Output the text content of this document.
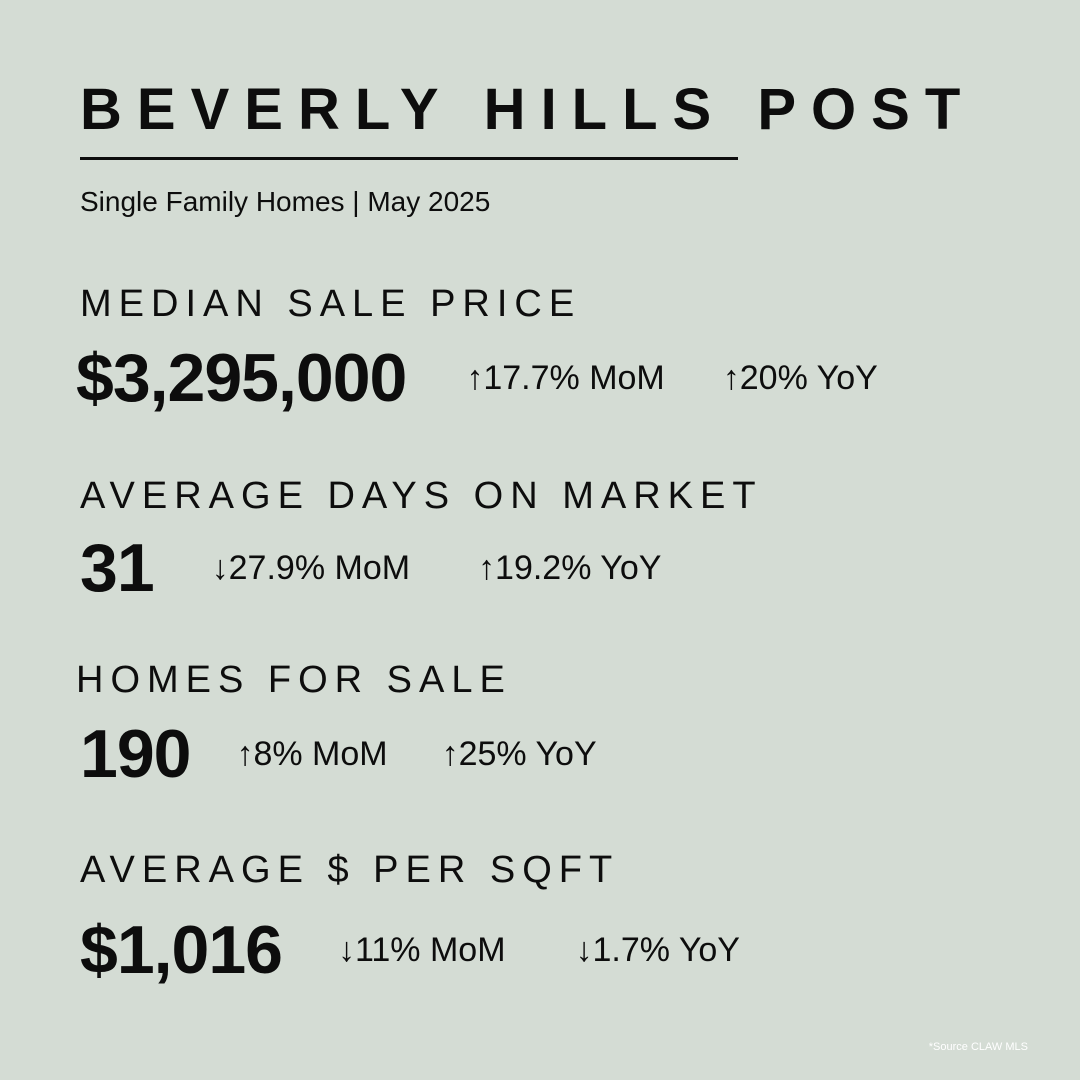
BEVERLY HILLS POST
Single Family Homes | May 2025
MEDIAN SALE PRICE
$3,295,000 ↑17.7% MoM ↑20% YoY
AVERAGE DAYS ON MARKET
31 ↓27.9% MoM ↑19.2% YoY
HOMES FOR SALE
190 ↑8% MoM ↑25% YoY
AVERAGE $ PER SQFT
$1,016 ↓11% MoM ↓1.7% YoY
*Source CLAW MLS
